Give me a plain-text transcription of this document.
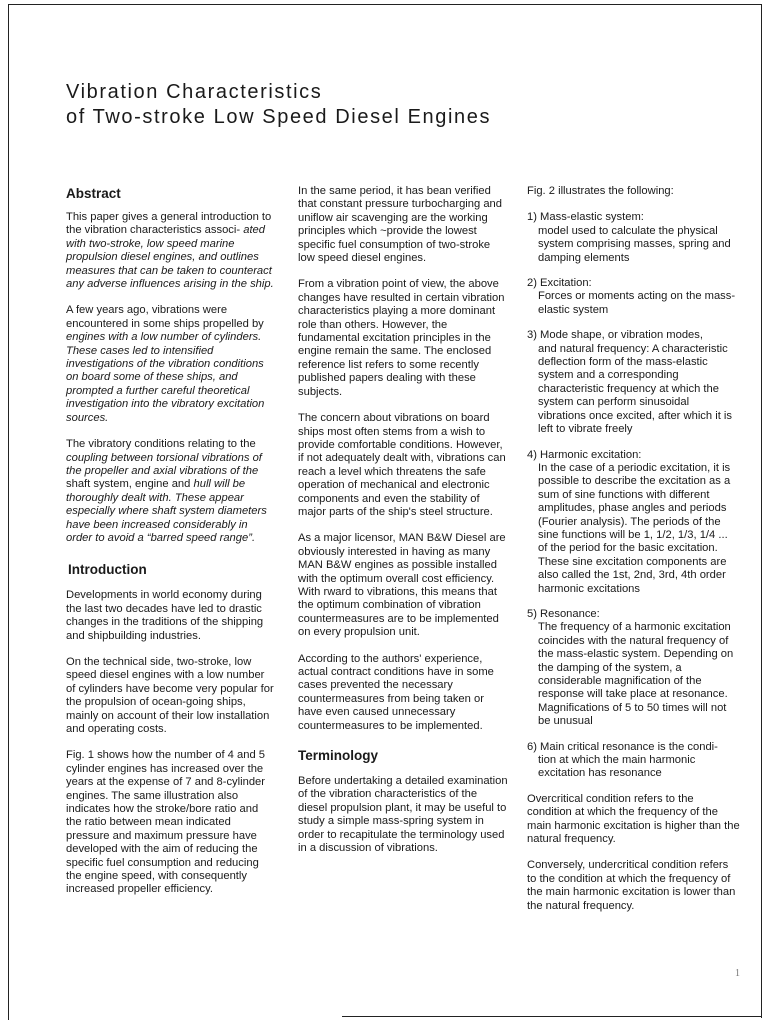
Vibration Characteristics
of Two-stroke Low Speed Diesel Engines
Abstract

This paper gives a general introduction to the vibration characteristics associ- ated with two-stroke, low speed marine propulsion diesel engines, and outlines measures that can be taken to counteract any adverse influences arising in the ship.

A few years ago, vibrations were encountered in some ships propelled by engines with a low number of cylinders. These cases led to intensified investigations of the vibration conditions on board some of these ships, and prompted a further careful theoretical investigation into the vibratory excitation sources.

The vibratory conditions relating to the coupling between torsional vibrations of the propeller and axial vibrations of the shaft system, engine and hull will be thoroughly dealt with. These appear especially where shaft system diameters have been increased considerably in order to avoid a “barred speed range”.

Introduction

Developments in world economy during the last two decades have led to drastic changes in the traditions of the shipping and shipbuilding industries.

On the technical side, two-stroke, low speed diesel engines with a low number of cylinders have become very popular for the propulsion of ocean-going ships, mainly on account of their low installation and operating costs.

Fig. 1 shows how the number of 4 and 5 cylinder engines has increased over the years at the expense of 7 and 8-cylinder engines. The same illustration also indicates how the stroke/bore ratio and the ratio between mean indicated pressure and maximum pressure have developed with the aim of reducing the specific fuel consumption and reducing the engine speed, with consequently increased propeller efficiency.

In the same period, it has bean verified that constant pressure turbocharging and uniflow air scavenging are the working principles which ~provide the lowest specific fuel consumption of two-stroke low speed diesel engines.

From a vibration point of view, the above changes have resulted in certain vibration characteristics playing a more dominant role than others. However, the fundamental excitation principles in the engine remain the same. The enclosed reference list refers to some recently published papers dealing with these subjects.

The concern about vibrations on board ships most often stems from a wish to provide comfortable conditions. However, if not adequately dealt with, vibrations can reach a level which threatens the safe operation of mechanical and electronic components and even the stability of major parts of the ship's steel structure.

As a major licensor, MAN B&W Diesel are obviously interested in having as many MAN B&W engines as possible installed with the optimum overall cost efficiency. With rward to vibrations, this means that the optimum combination of vibration countermeasures are to be implemented on every propulsion unit.

According to the authors' experience, actual contract conditions have in some cases prevented the necessary countermeasures from being taken or have even caused unnecessary countermeasures to be implemented.

Terminology

Before undertaking a detailed examination of the vibration characteristics of the diesel propulsion plant, it may be useful to study a simple mass-spring system in order to recapitulate the terminology used in a discussion of vibrations.

Fig. 2 illustrates the following:

1) Mass-elastic system:
model used to calculate the physical system comprising masses, spring and damping elements
2) Excitation:
Forces or moments acting on the mass-elastic system
3) Mode shape, or vibration modes,
and natural frequency: A characteristic deflection form of the mass-elastic system and a corresponding characteristic frequency at which the system can perform sinusoidal vibrations once excited, after which it is left to vibrate freely
4) Harmonic excitation:
In the case of a periodic excitation, it is possible to describe the excitation as a sum of sine functions with different amplitudes, phase angles and periods (Fourier analysis). The periods of the sine functions will be 1, 1/2, 1/3, 1/4 ... of the period for the basic excitation. These sine excitation components are also called the 1st, 2nd, 3rd, 4th order harmonic excitations
5) Resonance:
The frequency of a harmonic excitation coincides with the natural frequency of the mass-elastic system. Depending on the damping of the system, a considerable magnification of the response will take place at resonance. Magnifications of 5 to 50 times will not be unusual
6) Main critical resonance is the condi-
tion at which the main harmonic excitation has resonance

Overcritical condition refers to the condition at which the frequency of the main harmonic excitation is higher than the natural frequency.

Conversely, undercritical condition refers to the condition at which the frequency of the main harmonic excitation is lower than the natural frequency.

1
